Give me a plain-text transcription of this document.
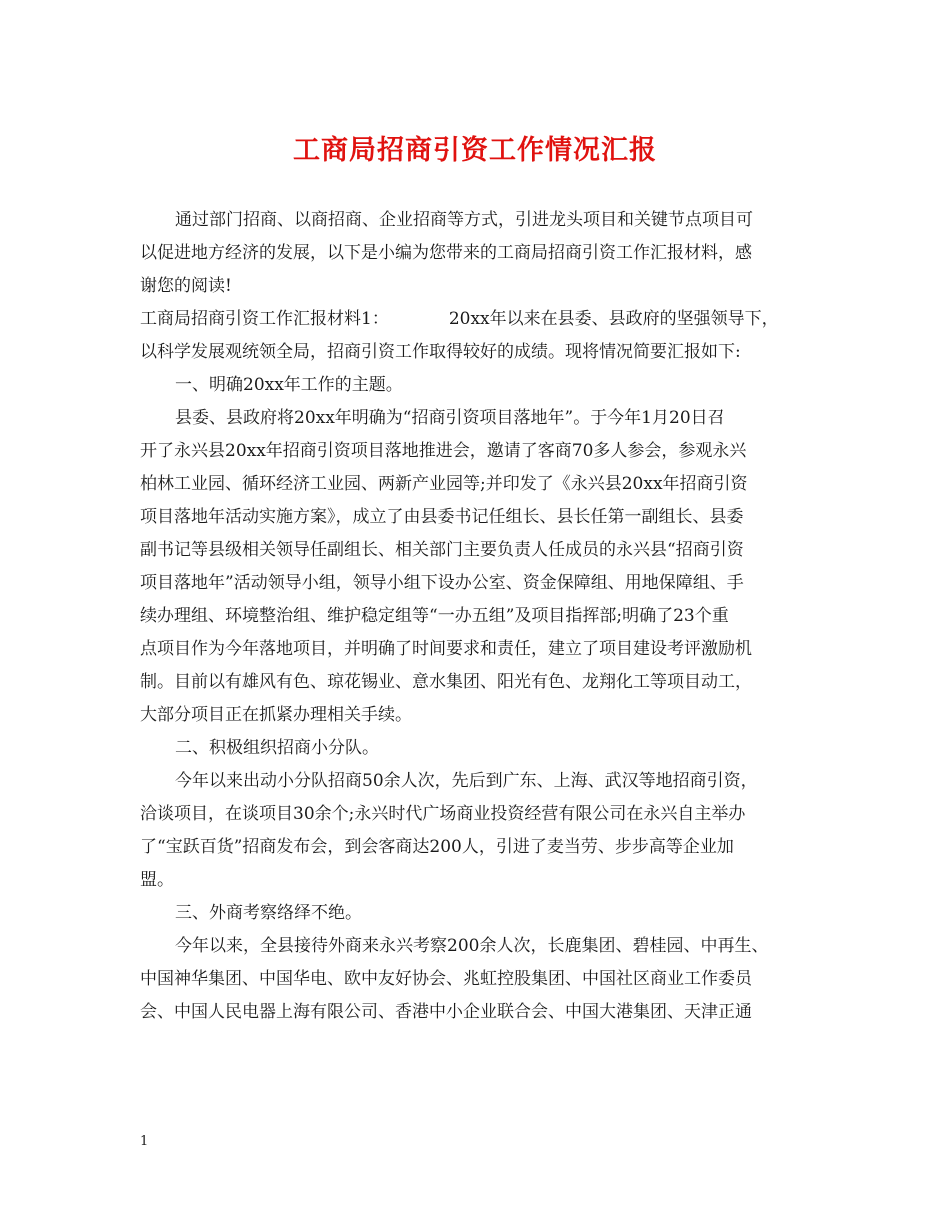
工商局招商引资工作情况汇报
通过部门招商、以商招商、企业招商等方式，引进龙头项目和关键节点项目可
以促进地方经济的发展，以下是小编为您带来的工商局招商引资工作汇报材料，感
谢您的阅读!
工商局招商引资工作汇报材料1：	20xx年以来在县委、县政府的坚强领导下，
以科学发展观统领全局，招商引资工作取得较好的成绩。现将情况简要汇报如下:
一、明确20xx年工作的主题。
县委、县政府将20xx年明确为“招商引资项目落地年”。于今年1月20日召
开了永兴县20xx年招商引资项目落地推进会，邀请了客商70多人参会，参观永兴
柏林工业园、循环经济工业园、两新产业园等;并印发了《永兴县20xx年招商引资
项目落地年活动实施方案》，成立了由县委书记任组长、县长任第一副组长、县委
副书记等县级相关领导任副组长、相关部门主要负责人任成员的永兴县“招商引资
项目落地年”活动领导小组，领导小组下设办公室、资金保障组、用地保障组、手
续办理组、环境整治组、维护稳定组等“一办五组”及项目指挥部;明确了23个重
点项目作为今年落地项目，并明确了时间要求和责任，建立了项目建设考评激励机
制。目前以有雄风有色、琼花锡业、意水集团、阳光有色、龙翔化工等项目动工，
大部分项目正在抓紧办理相关手续。
二、积极组织招商小分队。
今年以来出动小分队招商50余人次，先后到广东、上海、武汉等地招商引资，
洽谈项目，在谈项目30余个;永兴时代广场商业投资经营有限公司在永兴自主举办
了“宝跃百货”招商发布会，到会客商达200人，引进了麦当劳、步步高等企业加
盟。
三、外商考察络绎不绝。
今年以来，全县接待外商来永兴考察200余人次，长鹿集团、碧桂园、中再生、
中国神华集团、中国华电、欧中友好协会、兆虹控股集团、中国社区商业工作委员
会、中国人民电器上海有限公司、香港中小企业联合会、中国大港集团、天津正通
1
